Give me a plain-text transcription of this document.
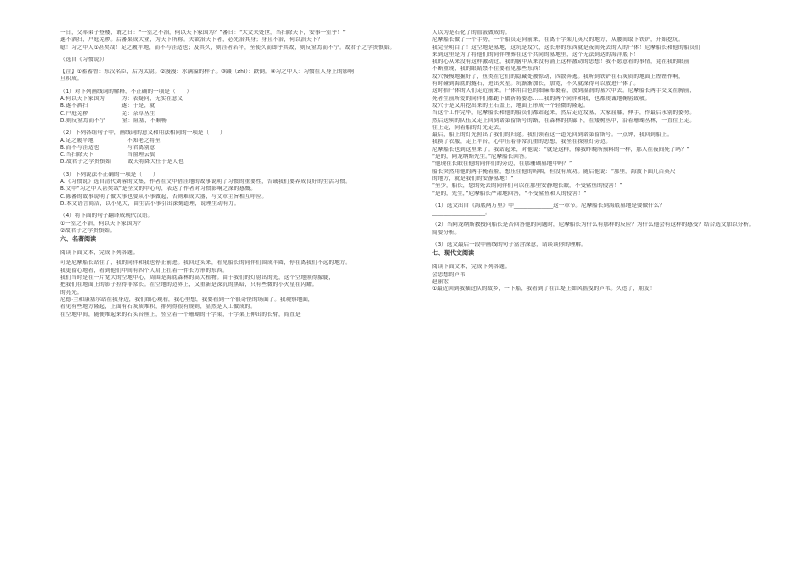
一日，父率弟子登楼，谓之曰：“一室之不治，何以天下家国为？”蕃曰：“大丈夫处世，当扫除天下，安事一室乎！”
遂不洒扫，户庭芜秽。后蕃果成大业，为天下所称。夫欲治天下者，必先治其身；身且不治，何以治天下？
噫！习之中人①甚矣哉！足之履平地，而不与洼适也；及其久，则洼者若平，至使久而即乎其故，则反窒焉而不宁。故君子之学贵慎始。
（选自《习惯说》）
【注】①蓄蓄曾：东汉名臣，后为太尉。②漫漫：水满溢的样子。③蹑（zhì）：跌倒。④习之中人：习惯在人身上的影响
旦积成。
（1）对下列画线词的解释，不正确的一项是（　　）
A.何以天下家国为　　　为：表疑问，无实在意义
B.遂不洒扫　　　　　　遂：于是，就
C.户庭芜秽　　　　　　芜：杂草丛生
D.则反窒焉而不宁　　　窒：阻塞，不顺畅
（2）下列各组句子中，画线词的意义和用法相同的一项是（　　）
A.足之履平地　　　　　　不知老之将至
B.而不与洼适也　　　　　与君离别意
C.当扫除天下　　　　　　当窗理云鬓
D.故君子之学贵慎始　　　故天将降大任于是人也
（3）下列说法不正确的一项是（　　）
A.《习惯说》选自清代刘蓉的文集，作者在文中借洼地的故事说明了习惯的重要性，告诫我们要养成良好的生活习惯。
B.文中“习之中人甚矣哉”是全文的中心句，表达了作者对习惯影响之深的感慨。
C.陈蕃的故事说明了做大事也要从小事做起，否则难成大器，与文章主旨相互呼应。
D.本文语言简洁，以小见大，由生活小事引出深刻道理，说理生动有力。
（4）将下面的句子翻译成现代汉语。
①一室之不治，何以天下家国为？
②故君子之学贵慎始。
六、名著阅读
阅读下面文本，完成下列各题。
可是尼摩船长站住了，我的同伴和我也停止前进。我回过头来，看见船长的同伴们围成半圆，停在离我们不远的地方。
我更留心地看，看到他们中间有四个人肩上扛着一件长方形的东西。
我们当时是在一片宽大的空地中心，周围是海底森林的高大植物。由于我们的灯射出的光，这个空地照得朦胧，
把我们在地面上的影子拉得非常长。在空地的边界上，又重新是深沉的黑暗，只有些微的小火星在闪耀。
的亮光。
尼德·兰和康塞尔站在我身边，我们细心观看，我心里想，我要看到一个很奇怪的场面了。我观察地面，
看见有些地方隆起，上面有石灰质堆积，排列得很有规则，显然是人工做成的。
在空地中间，随便堆起来的石头台座上，竖立着一个珊瑚的十字架，十字架上伸出的长臂，简直是
人以为是石化了的血液做成的。
尼摩船长做了一个手势，一个船员走向前来，在离十字架几英尺的地方，从腰间取下铁铲，开始挖坑。
我完全明白了！这空地是墓地，这坑是坟穴，这长形的东西就是夜间死去的人的尸体！尼摩船长和他的船员们
来到这里是为了将他们的同伴埋葬在这个共同的墓地里，这个无法到达的海洋底下！
我的心从来没有这样激动过，我的脑中从来没有涌上这样激动的思想！我不愿意看的事情，竟在我的眼前
不断重现，我的眼睛禁不住要看见那些东西！
坟穴慢慢地掘好了，鱼类在它们的隐藏处被惊动，四散奔逃。我听到铁铲在石灰质的地面上铿铿作响，
有时碰到海底的燧石，迸出火星。坑渐渐加长，加宽，不久就深得可以放进尸体了。
这时抬尸体的人们走近前来。尸体用白色的细麻布裹着，放到湿润的墓穴中去。尼摩船长两手交叉在胸前，
死者生前所爱的同伴们都跪下做祈祷姿态……我的两个同伴和我，也都虔诚地鞠躬致敬。
坟穴于是又用挖出来的土石盖上，地面上形成一个轻微的隆起。
当这个工作完毕，尼摩船长和他的船员们都站起来，然后走近坟墓，大家屈膝，伸手，作最后永别的姿势。
然后送殡的队伍又走上回到诺第留斯号的路，在森林的拱廊下，在矮树丛中，沿着珊瑚丛林，一直往上走。
往上走，向着船的灯光走去。
最后，船上的灯光照出了我们的归途。我们领着这一道光回到诺第留斯号。一点钟，我回到船上。
我换了衣服，走上平台，心中压着非常沉重的思想，我坐在探照灯旁边。
尼摩船长也到这里来了。我站起来，对他说：“就是这样，像我昨晚所预料的一样，那人在夜间死了吗？”
“是的，阿龙纳斯先生。”尼摩船长回答。
“他现在长眠在他的同伴们的旁边，在那珊瑚墓地中吗？”
船长突然用他的两手掩着脸，想压住他的呜咽，但没有成功。随后他说：“那里，海波下面几百英尺
的地方，就是我们的安静墓地！”
“至少，船长，您的死去的同伴们可以在那里安静地长眠，不受鲨鱼的侵害！”
“是的，先生，”尼摩船长严肃地回答，“不受鲨鱼和人的侵害！”
（1）选文出自《海底两万里》中______________这一章节。尼摩船长到海底墓地是要做什么？
___________________。
（2）当阿龙纳斯教授问船长是否回答他的问题时，尼摩船长为什么有那样的反应？为什么他会有这样的感受？结合选文加以分析。
简要分析。
（3）选文最后一段中画线的句子富含深意，请谈谈你的理解。
七、现代文阅读
阅读下面文本，完成下列各题。
会思想的芦苇
赵丽宏
①最近回到我插过队的故乡，一下船，我看到了在江堤上如风摇曳的芦苇。久违了，朋友！
